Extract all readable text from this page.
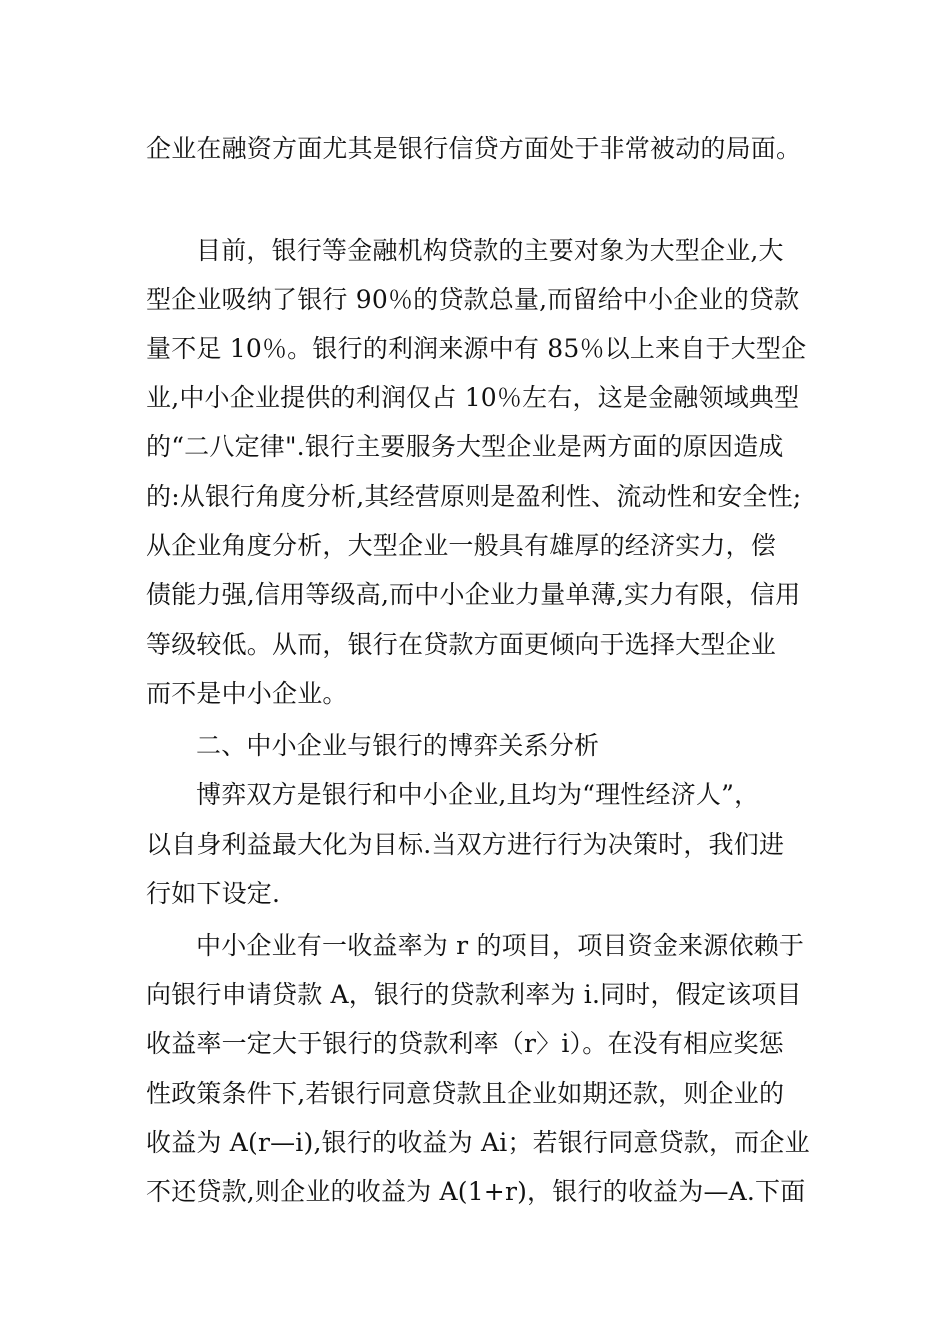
企业在融资方面尤其是银行信贷方面处于非常被动的局面。
目前，银行等金融机构贷款的主要对象为大型企业,大
型企业吸纳了银行 90％的贷款总量,而留给中小企业的贷款
量不足 10％。银行的利润来源中有 85％以上来自于大型企
业,中小企业提供的利润仅占 10％左右，这是金融领域典型
的“二八定律".银行主要服务大型企业是两方面的原因造成
的:从银行角度分析,其经营原则是盈利性、流动性和安全性;
从企业角度分析，大型企业一般具有雄厚的经济实力，偿
债能力强,信用等级高,而中小企业力量单薄,实力有限，信用
等级较低。从而，银行在贷款方面更倾向于选择大型企业
而不是中小企业。
二、中小企业与银行的博弈关系分析
博弈双方是银行和中小企业,且均为“理性经济人”，
以自身利益最大化为目标.当双方进行行为决策时，我们进
行如下设定.
中小企业有一收益率为 r 的项目，项目资金来源依赖于
向银行申请贷款 A，银行的贷款利率为 i.同时，假定该项目
收益率一定大于银行的贷款利率（r〉i）。在没有相应奖惩
性政策条件下,若银行同意贷款且企业如期还款，则企业的
收益为 A(r—i),银行的收益为 Ai；若银行同意贷款，而企业
不还贷款,则企业的收益为 A(1+r)，银行的收益为—A.下面
